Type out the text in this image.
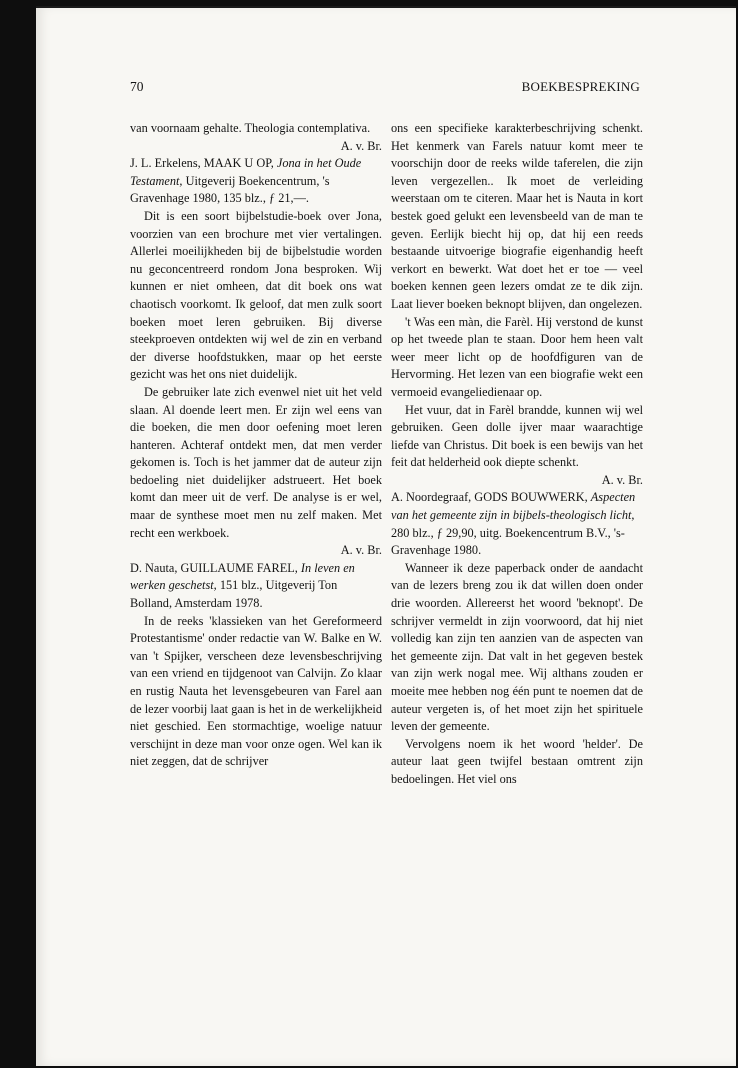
70	BOEKBESPREKING

van voornaam gehalte. Theologia contemplativa.

A. v. Br.

J. L. Erkelens, MAAK U OP, Jona in het Oude Testament, Uitgeverij Boekencentrum, 's Gravenhage 1980, 135 blz., ƒ 21,—.

Dit is een soort bijbelstudie-boek over Jona, voorzien van een brochure met vier vertalingen. Allerlei moeilijkheden bij de bijbelstudie worden nu geconcentreerd rondom Jona besproken. Wij kunnen er niet omheen, dat dit boek ons wat chaotisch voorkomt. Ik geloof, dat men zulk soort boeken moet leren gebruiken. Bij diverse steekproeven ontdekten wij wel de zin en verband der diverse hoofdstukken, maar op het eerste gezicht was het ons niet duidelijk.

De gebruiker late zich evenwel niet uit het veld slaan. Al doende leert men. Er zijn wel eens van die boeken, die men door oefening moet leren hanteren. Achteraf ontdekt men, dat men verder gekomen is. Toch is het jammer dat de auteur zijn bedoeling niet duidelijker adstrueert. Het boek komt dan meer uit de verf. De analyse is er wel, maar de synthese moet men nu zelf maken. Met recht een werkboek.

A. v. Br.

D. Nauta, GUILLAUME FAREL, In leven en werken geschetst, 151 blz., Uitgeverij Ton Bolland, Amsterdam 1978.

In de reeks 'klassieken van het Gereformeerd Protestantisme' onder redactie van W. Balke en W. van 't Spijker, verscheen deze levensbeschrijving van een vriend en tijdgenoot van Calvijn. Zo klaar en rustig Nauta het levensgebeuren van Farel aan de lezer voorbij laat gaan is het in de werkelijkheid niet geschied. Een stormachtige, woelige natuur verschijnt in deze man voor onze ogen. Wel kan ik niet zeggen, dat de schrijver

ons een specifieke karakterbeschrijving schenkt. Het kenmerk van Farels natuur komt meer te voorschijn door de reeks wilde taferelen, die zijn leven vergezellen.. Ik moet de verleiding weerstaan om te citeren. Maar het is Nauta in kort bestek goed gelukt een levensbeeld van de man te geven. Eerlijk biecht hij op, dat hij een reeds bestaande uitvoerige biografie eigenhandig heeft verkort en bewerkt. Wat doet het er toe — veel boeken kennen geen lezers omdat ze te dik zijn. Laat liever boeken beknopt blijven, dan ongelezen.

't Was een màn, die Farèl. Hij verstond de kunst op het tweede plan te staan. Door hem heen valt weer meer licht op de hoofdfiguren van de Hervorming. Het lezen van een biografie wekt een vermoeid evangeliedienaar op.

Het vuur, dat in Farèl brandde, kunnen wij wel gebruiken. Geen dolle ijver maar waarachtige liefde van Christus. Dit boek is een bewijs van het feit dat helderheid ook diepte schenkt.

A. v. Br.

A. Noordegraaf, GODS BOUWWERK, Aspecten van het gemeente zijn in bijbels-theologisch licht, 280 blz., ƒ 29,90, uitg. Boekencentrum B.V., 's-Gravenhage 1980.

Wanneer ik deze paperback onder de aandacht van de lezers breng zou ik dat willen doen onder drie woorden. Allereerst het woord 'beknopt'. De schrijver vermeldt in zijn voorwoord, dat hij niet volledig kan zijn ten aanzien van de aspecten van het gemeente zijn. Dat valt in het gegeven bestek van zijn werk nogal mee. Wij althans zouden er moeite mee hebben nog één punt te noemen dat de auteur vergeten is, of het moet zijn het spirituele leven der gemeente.

Vervolgens noem ik het woord 'helder'. De auteur laat geen twijfel bestaan omtrent zijn bedoelingen. Het viel ons
